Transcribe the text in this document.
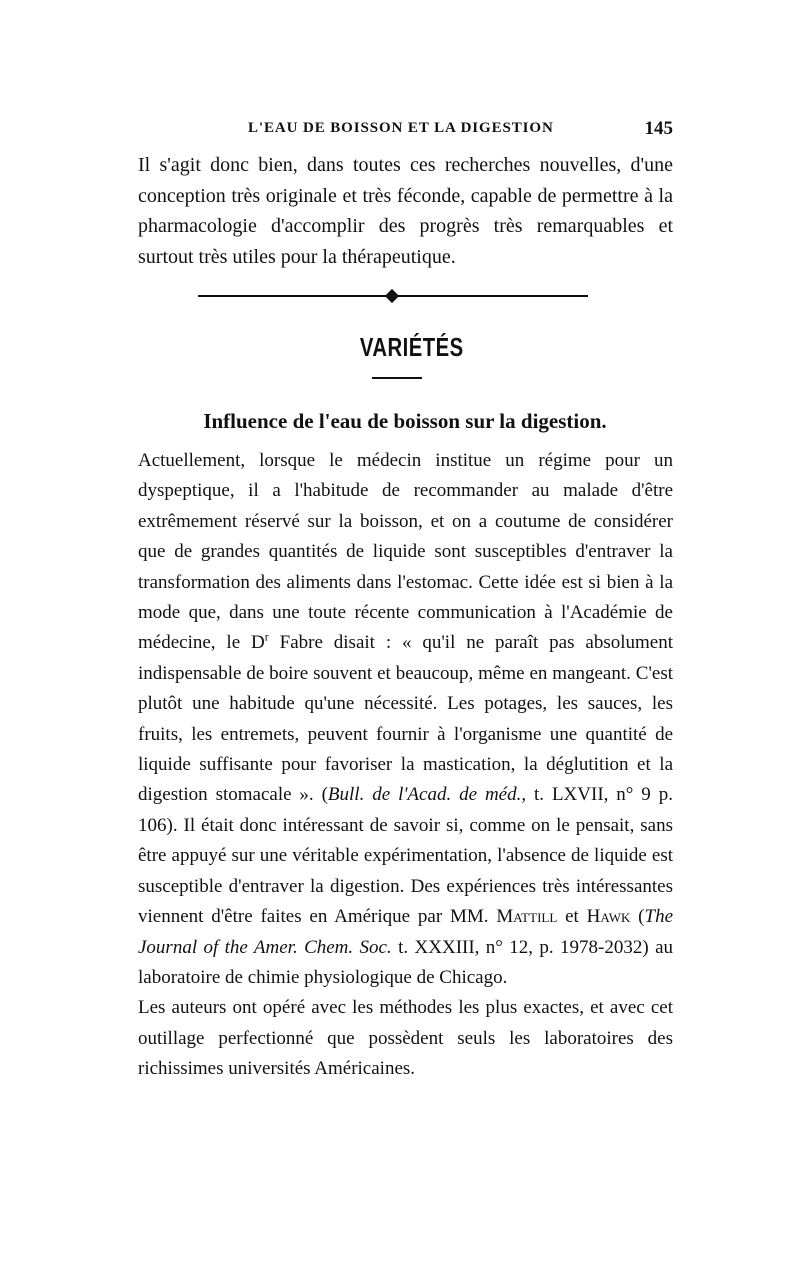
L'EAU DE BOISSON ET LA DIGESTION	145

Il s'agit donc bien, dans toutes ces recherches nouvelles, d'une conception très originale et très féconde, capable de permettre à la pharmacologie d'accomplir des progrès très remarquables et surtout très utiles pour la thérapeutique.

VARIÉTÉS
Influence de l'eau de boisson sur la digestion.

Actuellement, lorsque le médecin institue un régime pour un dyspeptique, il a l'habitude de recommander au malade d'être extrêmement réservé sur la boisson, et on a coutume de considérer que de grandes quantités de liquide sont susceptibles d'entraver la transformation des aliments dans l'estomac. Cette idée est si bien à la mode que, dans une toute récente communication à l'Académie de médecine, le $D^r$ Fabre disait : « qu'il ne paraît pas absolument indispensable de boire souvent et beaucoup, même en mangeant. C'est plutôt une habitude qu'une nécessité. Les potages, les sauces, les fruits, les entremets, peuvent fournir à l'organisme une quantité de liquide suffisante pour favoriser la mastication, la déglutition et la digestion stomacale ». (Bull. de l'Acad. de méd., t. LXVII, n° 9 p. 106). Il était donc intéressant de savoir si, comme on le pensait, sans être appuyé sur une véritable expérimentation, l'absence de liquide est susceptible d'entraver la digestion. Des expériences très intéressantes viennent d'être faites en Amérique par MM. Mattill et Hawk (The Journal of the Amer. Chem. Soc. t. XXXIII, n° 12, p. 1978-2032) au laboratoire de chimie physiologique de Chicago.

Les auteurs ont opéré avec les méthodes les plus exactes, et avec cet outillage perfectionné que possèdent seuls les laboratoires des richissimes universités Américaines.
